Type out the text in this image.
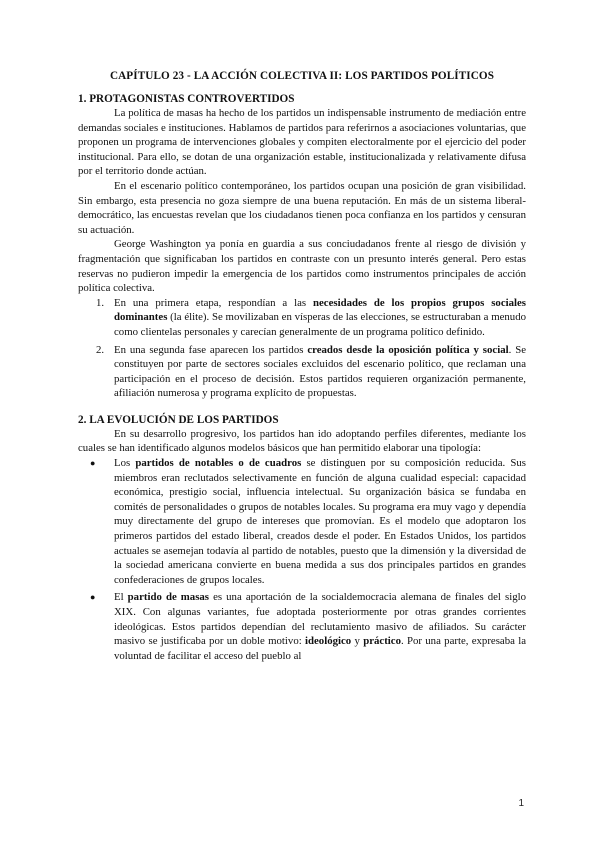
CAPÍTULO 23 - LA ACCIÓN COLECTIVA II: LOS PARTIDOS POLÍTICOS
1. PROTAGONISTAS CONTROVERTIDOS

La política de masas ha hecho de los partidos un indispensable instrumento de mediación entre demandas sociales e instituciones. Hablamos de partidos para referirnos a asociaciones voluntarias, que proponen un programa de intervenciones globales y compiten electoralmente por el ejercicio del poder institucional. Para ello, se dotan de una organización estable, institucionalizada y relativamente difusa por el territorio donde actúan.

En el escenario político contemporáneo, los partidos ocupan una posición de gran visibilidad. Sin embargo, esta presencia no goza siempre de una buena reputación. En más de un sistema liberal-democrático, las encuestas revelan que los ciudadanos tienen poca confianza en los partidos y censuran su actuación.

George Washington ya ponía en guardia a sus conciudadanos frente al riesgo de división y fragmentación que significaban los partidos en contraste con un presunto interés general. Pero estas reservas no pudieron impedir la emergencia de los partidos como instrumentos principales de acción política colectiva.

1. En una primera etapa, respondían a las necesidades de los propios grupos sociales dominantes (la élite). Se movilizaban en vísperas de las elecciones, se estructuraban a menudo como clientelas personales y carecían generalmente de un programa político definido.
2. En una segunda fase aparecen los partidos creados desde la oposición política y social. Se constituyen por parte de sectores sociales excluidos del escenario político, que reclaman una participación en el proceso de decisión. Estos partidos requieren organización permanente, afiliación numerosa y programa explícito de propuestas.
2. LA EVOLUCIÓN DE LOS PARTIDOS

En su desarrollo progresivo, los partidos han ido adoptando perfiles diferentes, mediante los cuales se han identificado algunos modelos básicos que han permitido elaborar una tipología:

● Los partidos de notables o de cuadros se distinguen por su composición reducida. Sus miembros eran reclutados selectivamente en función de alguna cualidad especial: capacidad económica, prestigio social, influencia intelectual. Su organización básica se fundaba en comités de personalidades o grupos de notables locales. Su programa era muy vago y dependía muy directamente del grupo de intereses que promovían. Es el modelo que adoptaron los primeros partidos del estado liberal, creados desde el poder. En Estados Unidos, los partidos actuales se asemejan todavía al partido de notables, puesto que la dimensión y la diversidad de la sociedad americana convierte en buena medida a sus dos principales partidos en grandes confederaciones de grupos locales.
● El partido de masas es una aportación de la socialdemocracia alemana de finales del siglo XIX. Con algunas variantes, fue adoptada posteriormente por otras grandes corrientes ideológicas. Estos partidos dependían del reclutamiento masivo de afiliados. Su carácter masivo se justificaba por un doble motivo: ideológico y práctico. Por una parte, expresaba la voluntad de facilitar el acceso del pueblo al
1
